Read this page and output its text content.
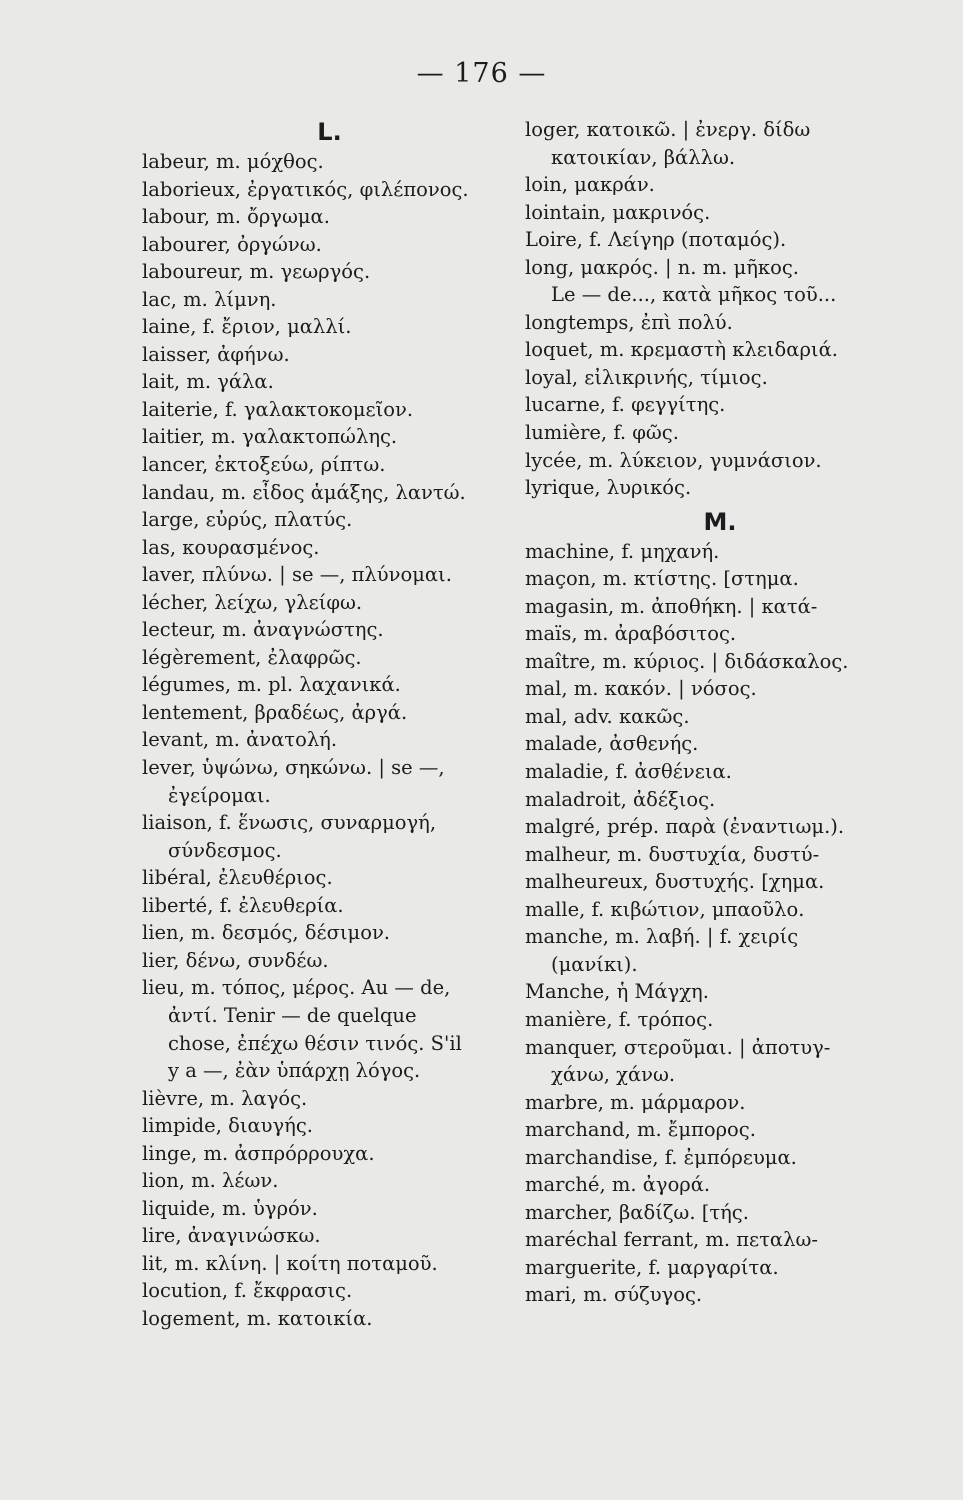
— 176 —
L.
labeur, m. μόχθος.
laborieux, ἐργατικός, φιλέπονος.
labour, m. ὄργωμα.
labourer, ὀργώνω.
laboureur, m. γεωργός.
lac, m. λίμνη.
laine, f. ἔριον, μαλλί.
laisser, ἀφήνω.
lait, m. γάλα.
laiterie, f. γαλακτοκομεῖον.
laitier, m. γαλακτοπώλης.
lancer, ἐκτοξεύω, ρίπτω.
landau, m. εἶδος ἁμάξης, λαντώ.
large, εὐρύς, πλατύς.
las, κουρασμένος.
laver, πλύνω. | se —, πλύνομαι.
lécher, λείχω, γλείφω.
lecteur, m. ἀναγνώστης.
légèrement, ἐλαφρῶς.
légumes, m. pl. λαχανικά.
lentement, βραδέως, ἀργά.
levant, m. ἀνατολή.
lever, ὑψώνω, σηκώνω. | se —,
ἐγείρομαι.
liaison, f. ἕνωσις, συναρμογή,
σύνδεσμος.
libéral, ἐλευθέριος.
liberté, f. ἐλευθερία.
lien, m. δεσμός, δέσιμον.
lier, δένω, συνδέω.
lieu, m. τόπος, μέρος. Au — de,
ἀντί. Tenir — de quelque
chose, ἐπέχω θέσιν τινός. S'il
y a —, ἐὰν ὑπάρχῃ λόγος.
lièvre, m. λαγός.
limpide, διαυγής.
linge, m. ἀσπρόρρουχα.
lion, m. λέων.
liquide, m. ὑγρόν.
lire, ἀναγινώσκω.
lit, m. κλίνη. | κοίτη ποταμοῦ.
locution, f. ἔκφρασις.
logement, m. κατοικία.
loger, κατοικῶ. | ἐνεργ. δίδω
κατοικίαν, βάλλω.
loin, μακράν.
lointain, μακρινός.
Loire, f. Λείγηρ (ποταμός).
long, μακρός. | n. m. μῆκος.
Le — de..., κατὰ μῆκος τοῦ...
longtemps, ἐπὶ πολύ.
loquet, m. κρεμαστὴ κλειδαριά.
loyal, εἰλικρινής, τίμιος.
lucarne, f. φεγγίτης.
lumière, f. φῶς.
lycée, m. λύκειον, γυμνάσιον.
lyrique, λυρικός.
M.
machine, f. μηχανή.
maçon, m. κτίστης. [στημα.
magasin, m. ἀποθήκη. | κατά-
maïs, m. ἀραβόσιτος.
maître, m. κύριος. | διδάσκαλος.
mal, m. κακόν. | νόσος.
mal, adv. κακῶς.
malade, ἀσθενής.
maladie, f. ἀσθένεια.
maladroit, ἀδέξιος.
malgré, prép. παρὰ (ἐναντιωμ.).
malheur, m. δυστυχία, δυστύ-
malheureux, δυστυχής. [χημα.
malle, f. κιβώτιον, μπαοῦλο.
manche, m. λαβή. | f. χειρίς
(μανίκι).
Manche, ἡ Μάγχη.
manière, f. τρόπος.
manquer, στεροῦμαι. | ἀποτυγ-
χάνω, χάνω.
marbre, m. μάρμαρον.
marchand, m. ἔμπορος.
marchandise, f. ἐμπόρευμα.
marché, m. ἀγορά.
marcher, βαδίζω. [τής.
maréchal ferrant, m. πεταλω-
marguerite, f. μαργαρίτα.
mari, m. σύζυγος.
